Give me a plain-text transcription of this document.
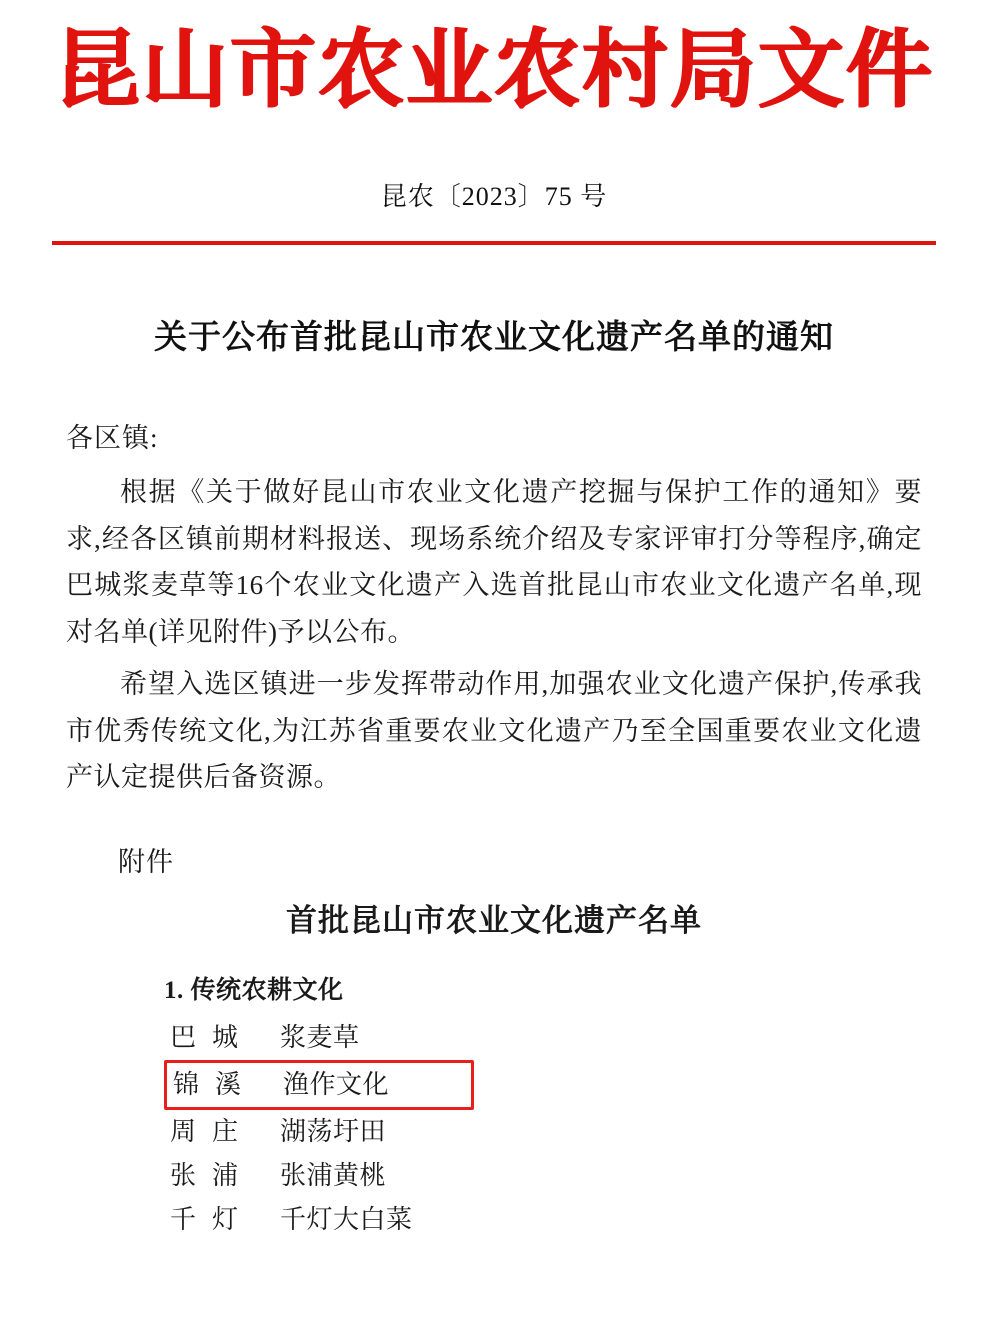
昆山市农业农村局文件
昆农〔2023〕75 号
关于公布首批昆山市农业文化遗产名单的通知
各区镇:

根据《关于做好昆山市农业文化遗产挖掘与保护工作的通知》要求,经各区镇前期材料报送、现场系统介绍及专家评审打分等程序,确定巴城浆麦草等16个农业文化遗产入选首批昆山市农业文化遗产名单,现对名单(详见附件)予以公布。

希望入选区镇进一步发挥带动作用,加强农业文化遗产保护,传承我市优秀传统文化,为江苏省重要农业文化遗产乃至全国重要农业文化遗产认定提供后备资源。

附件
首批昆山市农业文化遗产名单
1. 传统农耕文化
巴城 浆麦草
锦溪 渔作文化
周庄 湖荡圩田
张浦 张浦黄桃
千灯 千灯大白菜
